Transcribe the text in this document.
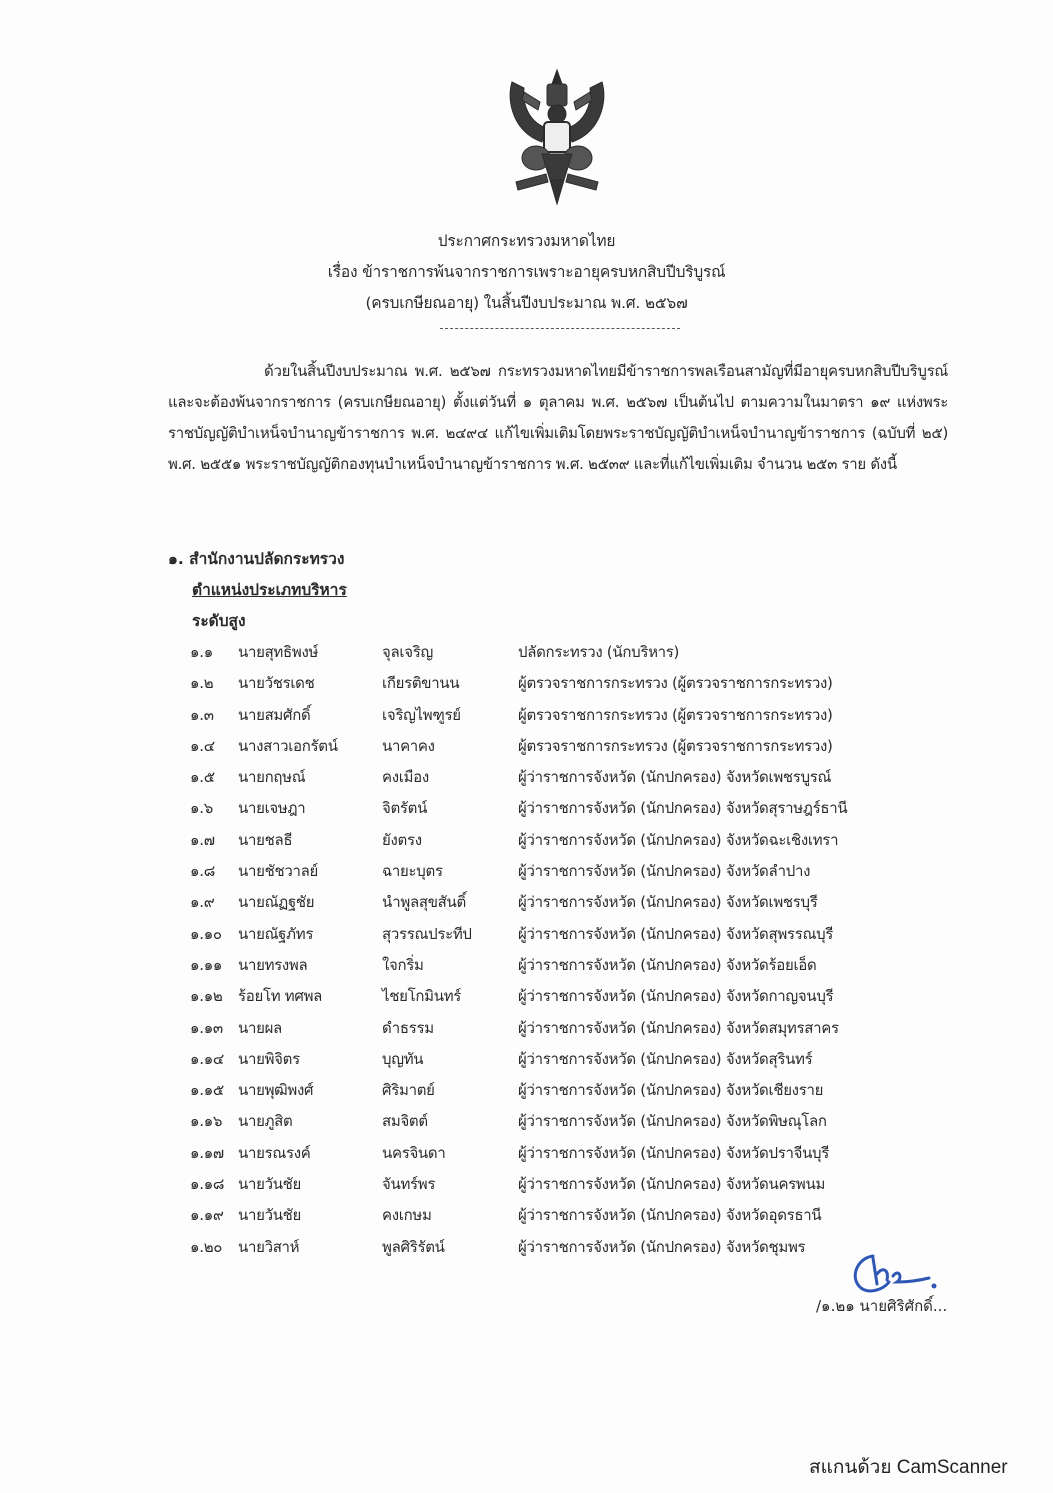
ประกาศกระทรวงมหาดไทย
เรื่อง ข้าราชการพ้นจากราชการเพราะอายุครบหกสิบปีบริบูรณ์
(ครบเกษียณอายุ) ในสิ้นปีงบประมาณ พ.ศ. ๒๕๖๗
ด้วยในสิ้นปีงบประมาณ พ.ศ. ๒๕๖๗ กระทรวงมหาดไทยมีข้าราชการพลเรือนสามัญที่มีอายุครบหกสิบปีบริบูรณ์ และจะต้องพ้นจากราชการ (ครบเกษียณอายุ) ตั้งแต่วันที่ ๑ ตุลาคม พ.ศ. ๒๕๖๗ เป็นต้นไป ตามความในมาตรา ๑๙ แห่งพระราชบัญญัติบำเหน็จบำนาญข้าราชการ พ.ศ. ๒๔๙๔ แก้ไขเพิ่มเติมโดยพระราชบัญญัติบำเหน็จบำนาญข้าราชการ (ฉบับที่ ๒๕) พ.ศ. ๒๕๕๑ พระราชบัญญัติกองทุนบำเหน็จบำนาญข้าราชการ พ.ศ. ๒๕๓๙ และที่แก้ไขเพิ่มเติม จำนวน ๒๕๓ ราย ดังนี้
๑. สำนักงานปลัดกระทรวง
ตำแหน่งประเภทบริหาร
ระดับสูง
๑.๑ นายสุทธิพงษ์	จุลเจริญ	ปลัดกระทรวง (นักบริหาร)
๑.๒ นายวัชรเดช	เกียรติขานน	ผู้ตรวจราชการกระทรวง (ผู้ตรวจราชการกระทรวง)
๑.๓ นายสมศักดิ์	เจริญไพฑูรย์	ผู้ตรวจราชการกระทรวง (ผู้ตรวจราชการกระทรวง)
๑.๔ นางสาวเอกรัตน์	นาคาคง	ผู้ตรวจราชการกระทรวง (ผู้ตรวจราชการกระทรวง)
๑.๕ นายกฤษณ์	คงเมือง	ผู้ว่าราชการจังหวัด (นักปกครอง) จังหวัดเพชรบูรณ์
๑.๖ นายเจษฎา	จิตรัตน์	ผู้ว่าราชการจังหวัด (นักปกครอง) จังหวัดสุราษฎร์ธานี
๑.๗ นายชลธี	ยังตรง	ผู้ว่าราชการจังหวัด (นักปกครอง) จังหวัดฉะเชิงเทรา
๑.๘ นายชัชวาลย์	ฉายะบุตร	ผู้ว่าราชการจังหวัด (นักปกครอง) จังหวัดลำปาง
๑.๙ นายณัฏฐชัย	นำพูลสุขสันติ์	ผู้ว่าราชการจังหวัด (นักปกครอง) จังหวัดเพชรบุรี
๑.๑๐ นายณัฐภัทร	สุวรรณประทีป	ผู้ว่าราชการจังหวัด (นักปกครอง) จังหวัดสุพรรณบุรี
๑.๑๑ นายทรงพล	ใจกริ่ม	ผู้ว่าราชการจังหวัด (นักปกครอง) จังหวัดร้อยเอ็ด
๑.๑๒ ร้อยโท ทศพล	ไชยโกมินทร์	ผู้ว่าราชการจังหวัด (นักปกครอง) จังหวัดกาญจนบุรี
๑.๑๓ นายผล	ดำธรรม	ผู้ว่าราชการจังหวัด (นักปกครอง) จังหวัดสมุทรสาคร
๑.๑๔ นายพิจิตร	บุญทัน	ผู้ว่าราชการจังหวัด (นักปกครอง) จังหวัดสุรินทร์
๑.๑๕ นายพุฒิพงศ์	ศิริมาตย์	ผู้ว่าราชการจังหวัด (นักปกครอง) จังหวัดเชียงราย
๑.๑๖ นายภูสิต	สมจิตต์	ผู้ว่าราชการจังหวัด (นักปกครอง) จังหวัดพิษณุโลก
๑.๑๗ นายรณรงค์	นครจินดา	ผู้ว่าราชการจังหวัด (นักปกครอง) จังหวัดปราจีนบุรี
๑.๑๘ นายวันชัย	จันทร์พร	ผู้ว่าราชการจังหวัด (นักปกครอง) จังหวัดนครพนม
๑.๑๙ นายวันชัย	คงเกษม	ผู้ว่าราชการจังหวัด (นักปกครอง) จังหวัดอุดรธานี
๑.๒๐ นายวิสาห์	พูลศิริรัตน์	ผู้ว่าราชการจังหวัด (นักปกครอง) จังหวัดชุมพร
/๑.๒๑ นายศิริศักดิ์...
สแกนด้วย CamScanner
